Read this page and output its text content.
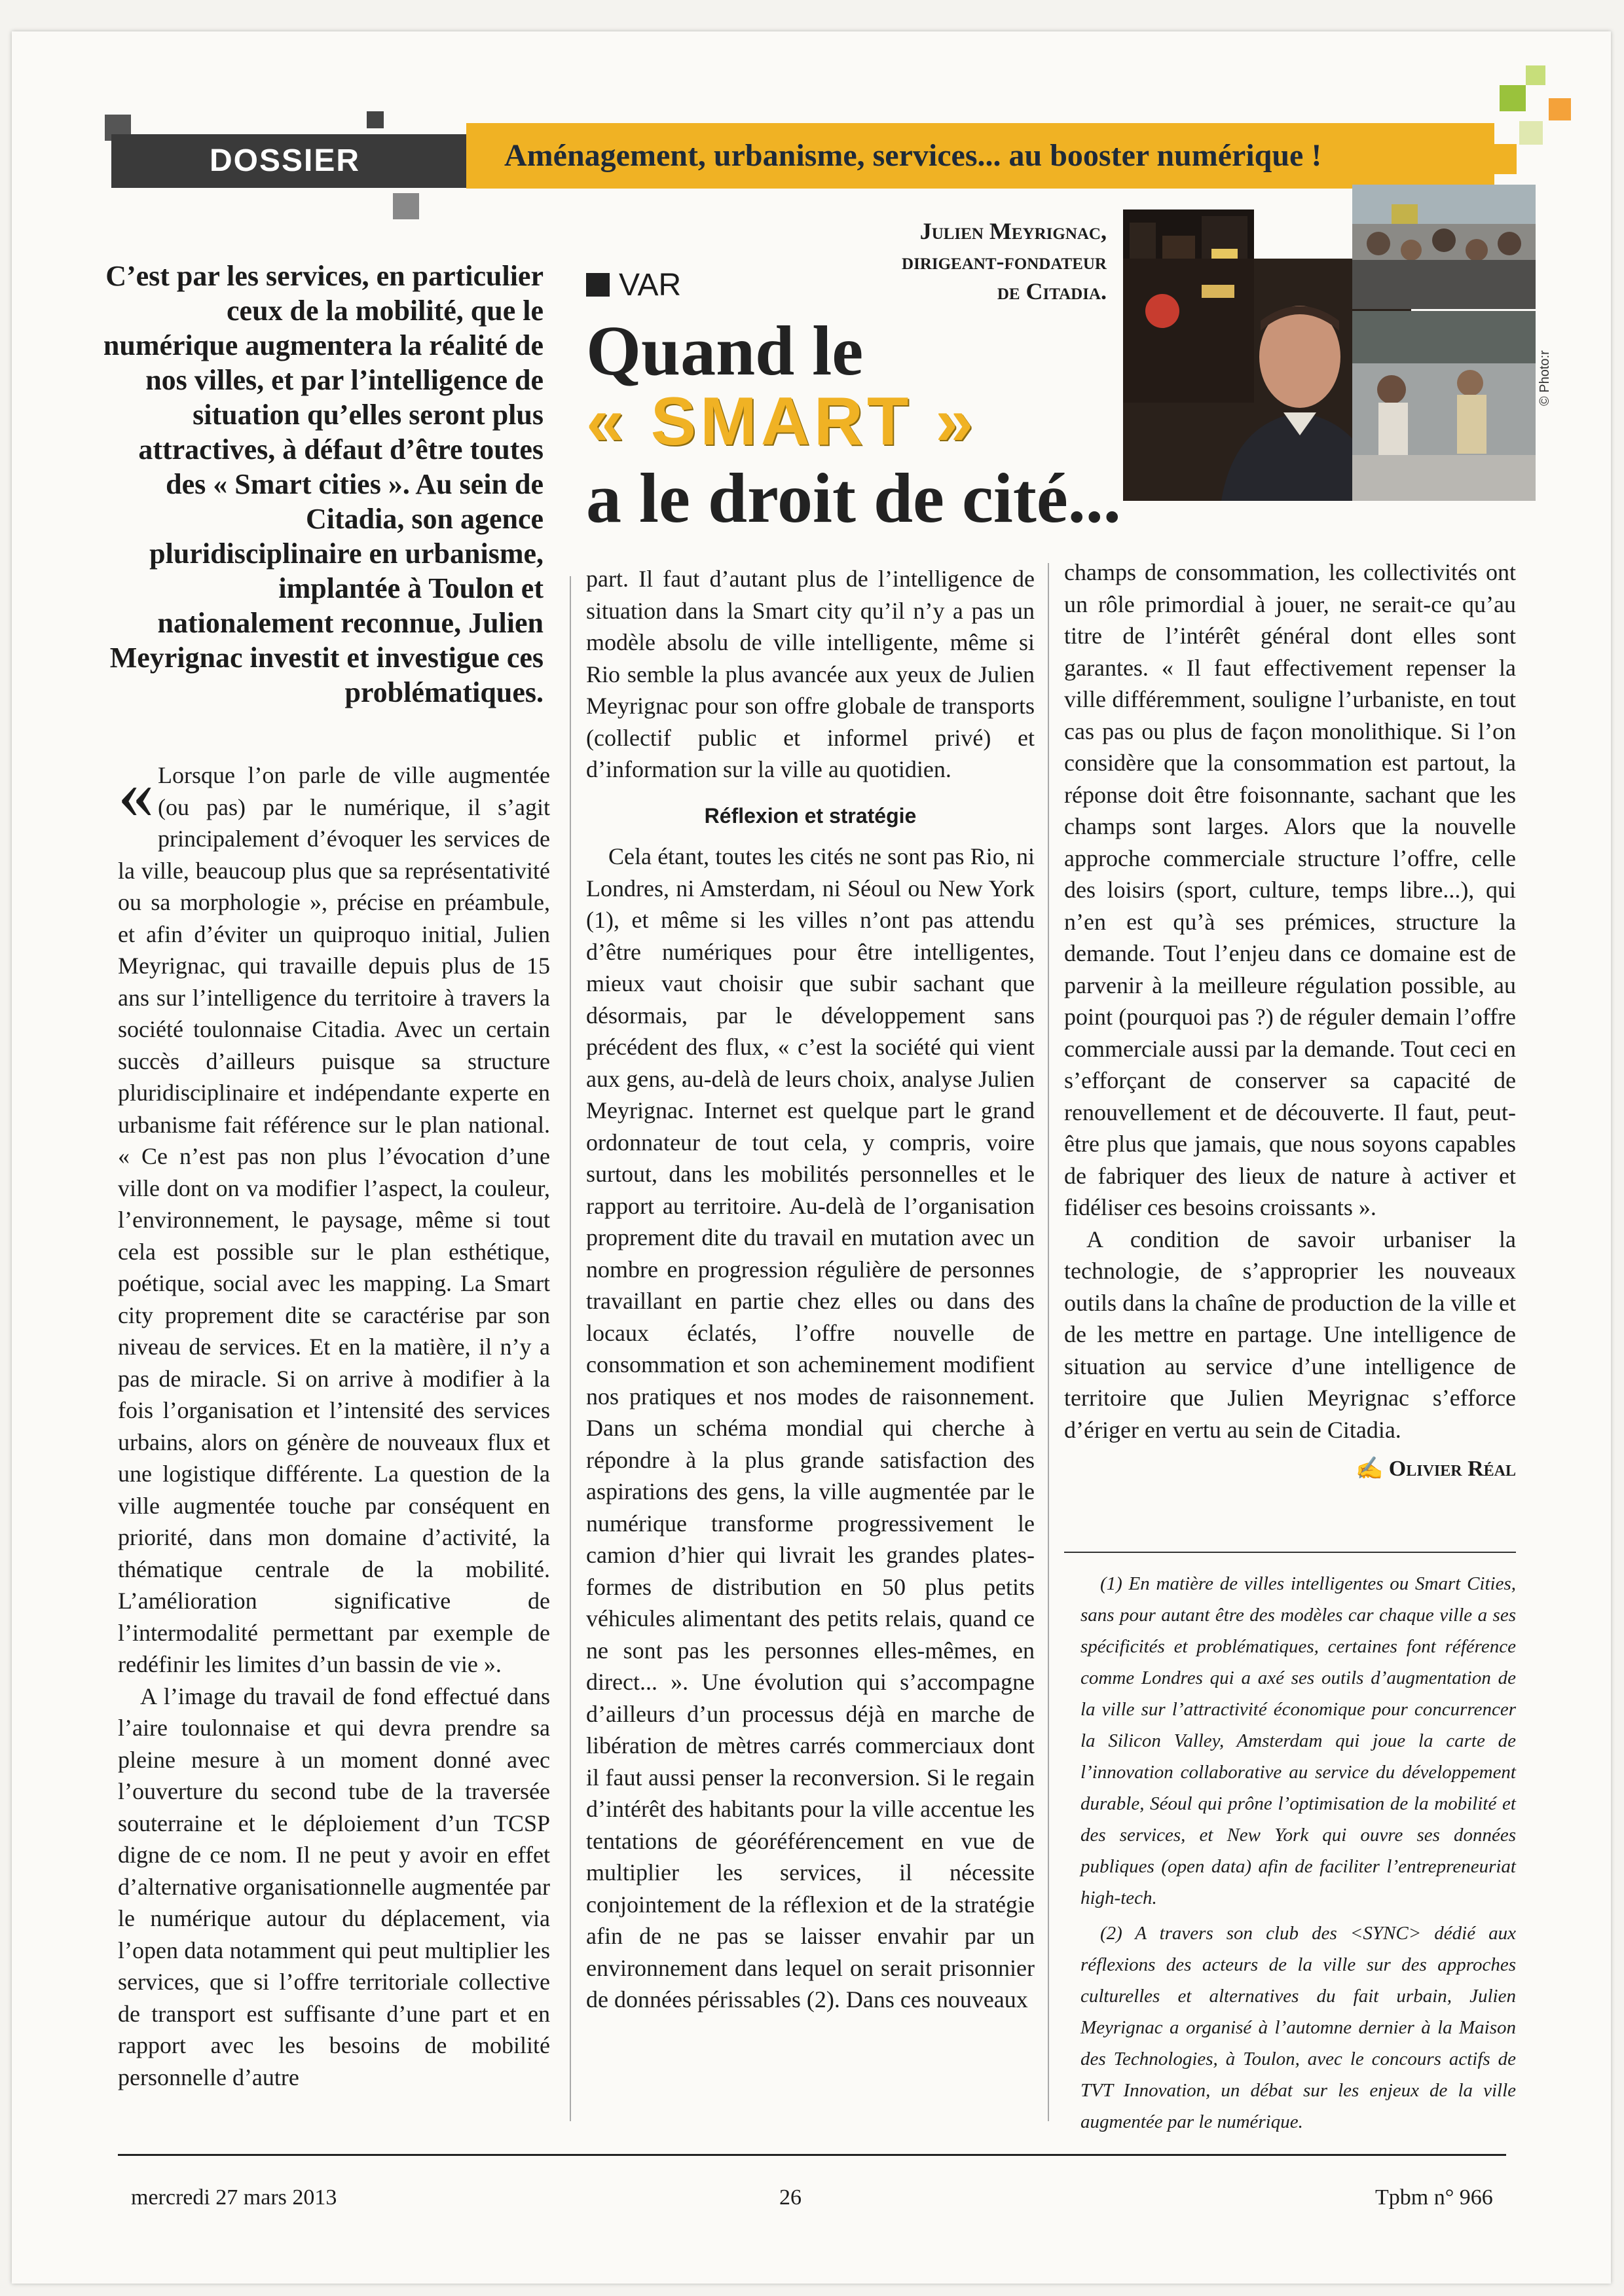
DOSSIER	Aménagement, urbanisme, services... au booster numérique !
C’est par les services, en particulier ceux de la mobilité, que le numérique augmentera la réalité de nos villes, et par l’intelligence de situation qu’elles seront plus attractives, à défaut d’être toutes des « Smart cities ». Au sein de Citadia, son agence pluridisciplinaire en urbanisme, implantée à Toulon et nationalement reconnue, Julien Meyrignac investit et investigue ces problématiques.
VAR
Quand le
« SMART »
a le droit de cité...
Julien Meyrignac, dirigeant-fondateur de Citadia.
© Photo:r
« Lorsque l’on parle de ville augmentée (ou pas) par le numérique, il s’agit principalement d’évoquer les services de la ville, beaucoup plus que sa représentativité ou sa morphologie », précise en préambule, et afin d’éviter un quiproquo initial, Julien Meyrignac, qui travaille depuis plus de 15 ans sur l’intelligence du territoire à travers la société toulonnaise Citadia. Avec un certain succès d’ailleurs puisque sa structure pluridisciplinaire et indépendante experte en urbanisme fait référence sur le plan national. « Ce n’est pas non plus l’évocation d’une ville dont on va modifier l’aspect, la couleur, l’environnement, le paysage, même si tout cela est possible sur le plan esthétique, poétique, social avec les mapping. La Smart city proprement dite se caractérise par son niveau de services. Et en la matière, il n’y a pas de miracle. Si on arrive à modifier à la fois l’organisation et l’intensité des services urbains, alors on génère de nouveaux flux et une logistique différente. La question de la ville augmentée touche par conséquent en priorité, dans mon domaine d’activité, la thématique centrale de la mobilité. L’amélioration significative de l’intermodalité permettant par exemple de redéfinir les limites d’un bassin de vie ».

A l’image du travail de fond effectué dans l’aire toulonnaise et qui devra prendre sa pleine mesure à un moment donné avec l’ouverture du second tube de la traversée souterraine et le déploiement d’un TCSP digne de ce nom. Il ne peut y avoir en effet d’alternative organisationnelle augmentée par le numérique autour du déplacement, via l’open data notamment qui peut multiplier les services, que si l’offre territoriale collective de transport est suffisante d’une part et en rapport avec les besoins de mobilité personnelle d’autre

part. Il faut d’autant plus de l’intelligence de situation dans la Smart city qu’il n’y a pas un modèle absolu de ville intelligente, même si Rio semble la plus avancée aux yeux de Julien Meyrignac pour son offre globale de transports (collectif public et informel privé) et d’information sur la ville au quotidien.

Réflexion et stratégie

Cela étant, toutes les cités ne sont pas Rio, ni Londres, ni Amsterdam, ni Séoul ou New York (1), et même si les villes n’ont pas attendu d’être numériques pour être intelligentes, mieux vaut choisir que subir sachant que désormais, par le développement sans précédent des flux, « c’est la société qui vient aux gens, au-delà de leurs choix, analyse Julien Meyrignac. Internet est quelque part le grand ordonnateur de tout cela, y compris, voire surtout, dans les mobilités personnelles et le rapport au territoire. Au-delà de l’organisation proprement dite du travail en mutation avec un nombre en progression régulière de personnes travaillant en partie chez elles ou dans des locaux éclatés, l’offre nouvelle de consommation et son acheminement modifient nos pratiques et nos modes de raisonnement. Dans un schéma mondial qui cherche à répondre à la plus grande satisfaction des aspirations des gens, la ville augmentée par le numérique transforme progressivement le camion d’hier qui livrait les grandes plates-formes de distribution en 50 plus petits véhicules alimentant des petits relais, quand ce ne sont pas les personnes elles-mêmes, en direct... ». Une évolution qui s’accompagne d’ailleurs d’un processus déjà en marche de libération de mètres carrés commerciaux dont il faut aussi penser la reconversion. Si le regain d’intérêt des habitants pour la ville accentue les tentations de géoréférencement en vue de multiplier les services, il nécessite conjointement de la réflexion et de la stratégie afin de ne pas se laisser envahir par un environnement dans lequel on serait prisonnier de données périssables (2). Dans ces nouveaux

champs de consommation, les collectivités ont un rôle primordial à jouer, ne serait-ce qu’au titre de l’intérêt général dont elles sont garantes. « Il faut effectivement repenser la ville différemment, souligne l’urbaniste, en tout cas pas ou plus de façon monolithique. Si l’on considère que la consommation est partout, la réponse doit être foisonnante, sachant que les champs sont larges. Alors que la nouvelle approche commerciale structure l’offre, celle des loisirs (sport, culture, temps libre...), qui n’en est qu’à ses prémices, structure la demande. Tout l’enjeu dans ce domaine est de parvenir à la meilleure régulation possible, au point (pourquoi pas ?) de réguler demain l’offre commerciale aussi par la demande. Tout ceci en s’efforçant de conserver sa capacité de renouvellement et de découverte. Il faut, peut-être plus que jamais, que nous soyons capables de fabriquer des lieux de nature à activer et fidéliser ces besoins croissants ».

A condition de savoir urbaniser la technologie, de s’approprier les nouveaux outils dans la chaîne de production de la ville et de les mettre en partage. Une intelligence de situation au service d’une intelligence de territoire que Julien Meyrignac s’efforce d’ériger en vertu au sein de Citadia.

✍ Olivier Réal

(1) En matière de villes intelligentes ou Smart Cities, sans pour autant être des modèles car chaque ville a ses spécificités et problématiques, certaines font référence comme Londres qui a axé ses outils d’augmentation de la ville sur l’attractivité économique pour concurrencer la Silicon Valley, Amsterdam qui joue la carte de l’innovation collaborative au service du développement durable, Séoul qui prône l’optimisation de la mobilité et des services, et New York qui ouvre ses données publiques (open data) afin de faciliter l’entrepreneuriat high-tech.

(2) A travers son club des <SYNC> dédié aux réflexions des acteurs de la ville sur des approches culturelles et alternatives du fait urbain, Julien Meyrignac a organisé à l’automne dernier à la Maison des Technologies, à Toulon, avec le concours actifs de TVT Innovation, un débat sur les enjeux de la ville augmentée par le numérique.

mercredi 27 mars 2013	26	Tpbm n° 966
